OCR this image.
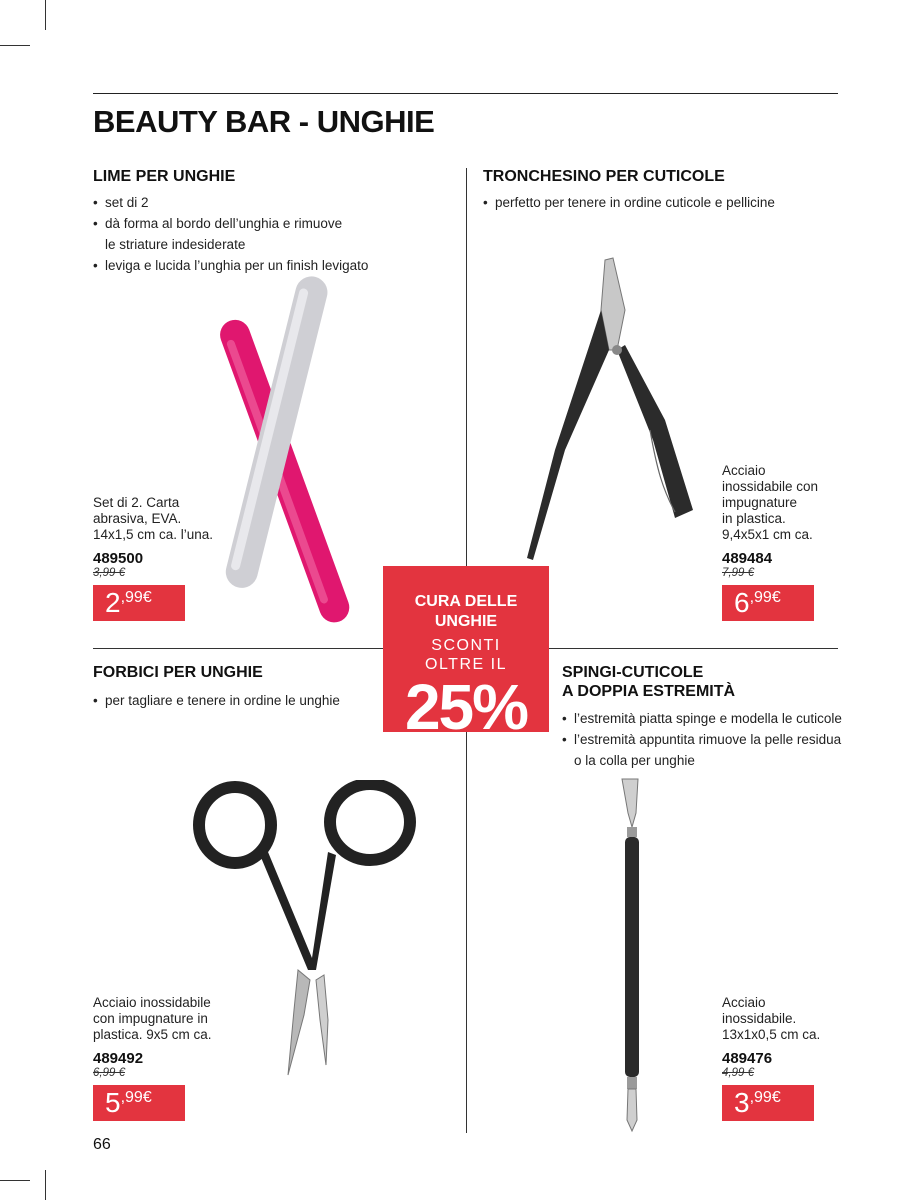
BEAUTY BAR - UNGHIE
LIME PER UNGHIE
• set di 2
• dà forma al bordo dell’unghia e rimuove
le striature indesiderate
• leviga e lucida l’unghia per un finish levigato
Set di 2. Carta
abrasiva, EVA.
14x1,5 cm ca. l’una.
489500
3,99 €
2 ,99€
TRONCHESINO PER CUTICOLE
• perfetto per tenere in ordine cuticole e pellicine
Acciaio
inossidabile con
impugnature
in plastica.
9,4x5x1 cm ca.
489484
7,99 €
6 ,99€
CURA DELLE
UNGHIE
SCONTI
OLTRE IL
25%
FORBICI PER UNGHIE
• per tagliare e tenere in ordine le unghie
Acciaio inossidabile
con impugnature in
plastica. 9x5 cm ca.
489492
6,99 €
5 ,99€
SPINGI-CUTICOLE
A DOPPIA ESTREMITÀ
• l’estremità piatta spinge e modella le cuticole
• l’estremità appuntita rimuove la pelle residua
o la colla per unghie
Acciaio
inossidabile.
13x1x0,5 cm ca.
489476
4,99 €
3 ,99€
66
